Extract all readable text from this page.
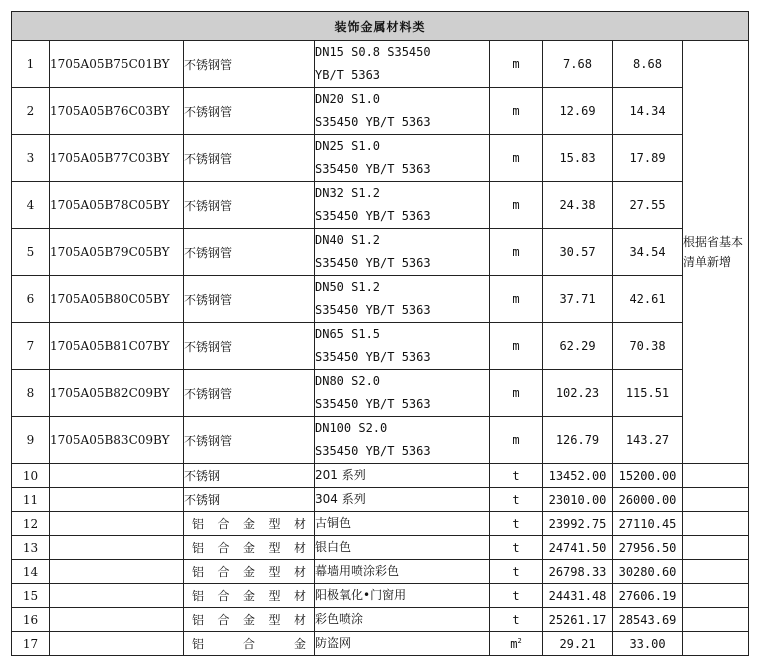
装饰金属材料类							
1	1705A05B75C01BY	不锈钢管	DN15 S0.8 S35450
YB/T 5363	m	7.68	8.68	根据省基本清单新增
2	1705A05B76C03BY	不锈钢管	DN20 S1.0
S35450 YB/T 5363	m	12.69	14.34	
3	1705A05B77C03BY	不锈钢管	DN25 S1.0
S35450 YB/T 5363	m	15.83	17.89	
4	1705A05B78C05BY	不锈钢管	DN32 S1.2
S35450 YB/T 5363	m	24.38	27.55	
5	1705A05B79C05BY	不锈钢管	DN40 S1.2
S35450 YB/T 5363	m	30.57	34.54	
6	1705A05B80C05BY	不锈钢管	DN50 S1.2
S35450 YB/T 5363	m	37.71	42.61	
7	1705A05B81C07BY	不锈钢管	DN65 S1.5
S35450 YB/T 5363	m	62.29	70.38	
8	1705A05B82C09BY	不锈钢管	DN80 S2.0
S35450 YB/T 5363	m	102.23	115.51	
9	1705A05B83C09BY	不锈钢管	DN100 S2.0
S35450 YB/T 5363	m	126.79	143.27	
10		不锈钢	201 系列	t	13452.00	15200.00	
11		不锈钢	304 系列	t	23010.00	26000.00	
12		铝 合 金 型 材	古铜色	t	23992.75	27110.45	
13		铝 合 金 型 材	银白色	t	24741.50	27956.50	
14		铝 合 金 型 材	幕墙用喷涂彩色	t	26798.33	30280.60	
15		铝 合 金 型 材	阳极氧化•门窗用	t	24431.48	27606.19	
16		铝 合 金 型 材	彩色喷涂	t	25261.17	28543.69	
17		铝 合 金	防盗网	$m^2$	29.21	33.00	
